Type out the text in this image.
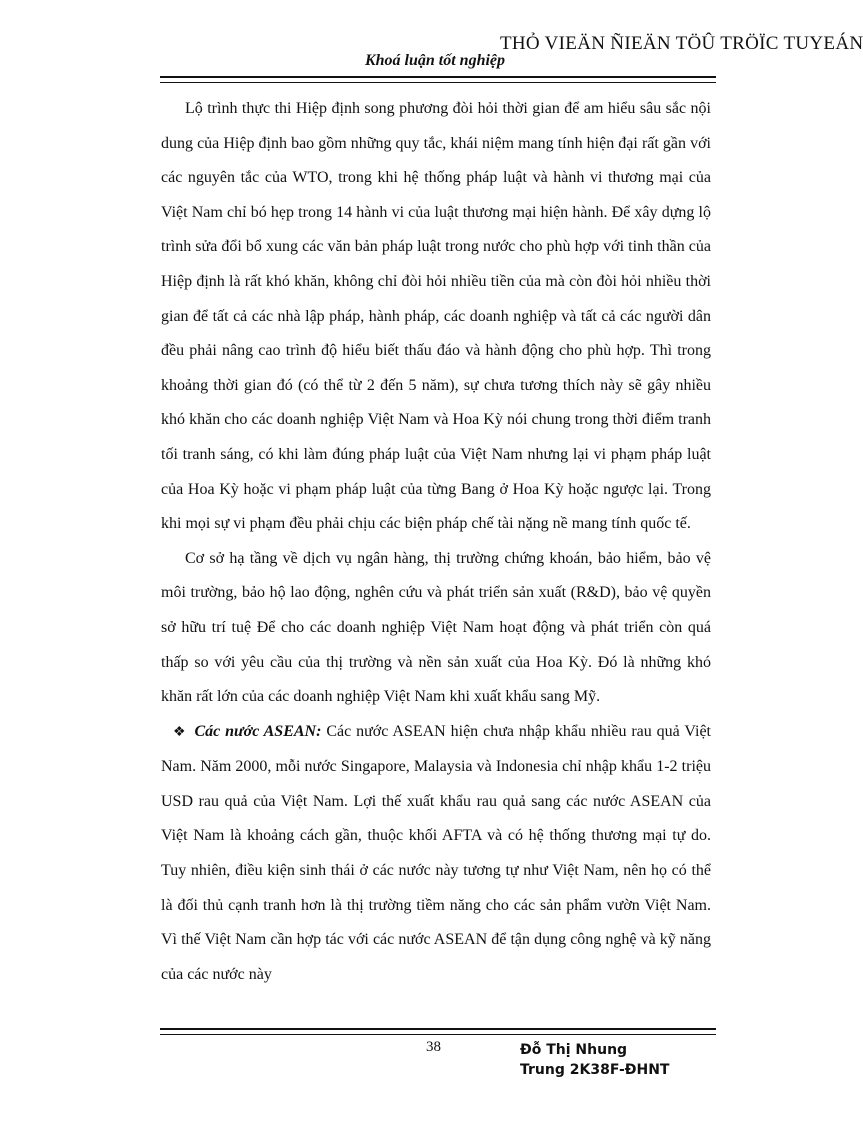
THỎ VIEÄN ÑIEÄN TÖÛ TRÖÏC TUYEÁN
Khoá luận tốt nghiệp

Lộ trình thực thi Hiệp định song phương đòi hỏi thời gian để am hiểu sâu sắc nội dung của Hiệp định bao gồm những quy tắc, khái niệm mang tính hiện đại rất gần với các nguyên tắc của WTO, trong khi hệ thống pháp luật và hành vi thương mại của Việt Nam chỉ bó hẹp trong 14 hành vi của luật thương mại hiện hành. Để xây dựng lộ trình sửa đổi bổ xung các văn bản pháp luật trong nước cho phù hợp với tinh thần của Hiệp định là rất khó khăn, không chỉ đòi hỏi nhiều tiền của mà còn đòi hỏi nhiều thời gian để tất cả các nhà lập pháp, hành pháp, các doanh nghiệp và tất cả các người dân đều phải nâng cao trình độ hiểu biết thấu đáo và hành động cho phù hợp. Thì trong khoảng thời gian đó (có thể từ 2 đến 5 năm), sự chưa tương thích này sẽ gây nhiều khó khăn cho các doanh nghiệp Việt Nam và Hoa Kỳ nói chung trong thời điểm tranh tối tranh sáng, có khi làm đúng pháp luật của Việt Nam nhưng lại vi phạm pháp luật của Hoa Kỳ hoặc vi phạm pháp luật của từng Bang ở Hoa Kỳ hoặc ngược lại. Trong khi mọi sự vi phạm đều phải chịu các biện pháp chế tài nặng nề mang tính quốc tế.

Cơ sở hạ tầng về dịch vụ ngân hàng, thị trường chứng khoán, bảo hiểm, bảo vệ môi trường, bảo hộ lao động, nghên cứu và phát triển sản xuất (R&D), bảo vệ quyền sở hữu trí tuệ Để cho các doanh nghiệp Việt Nam hoạt động và phát triển còn quá thấp so với yêu cầu của thị trường và nền sản xuất của Hoa Kỳ. Đó là những khó khăn rất lớn của các doanh nghiệp Việt Nam khi xuất khẩu sang Mỹ.

❖ Các nước ASEAN: Các nước ASEAN hiện chưa nhập khẩu nhiều rau quả Việt Nam. Năm 2000, mỗi nước Singapore, Malaysia và Indonesia chỉ nhập khẩu 1-2 triệu USD rau quả của Việt Nam. Lợi thế xuất khẩu rau quả sang các nước ASEAN của Việt Nam là khoảng cách gần, thuộc khối AFTA và có hệ thống thương mại tự do. Tuy nhiên, điều kiện sinh thái ở các nước này tương tự như Việt Nam, nên họ có thể là đối thủ cạnh tranh hơn là thị trường tiềm năng cho các sản phẩm vườn Việt Nam. Vì thế Việt Nam cần hợp tác với các nước ASEAN để tận dụng công nghệ và kỹ năng của các nước này

38	Đỗ Thị Nhung
Trung 2K38F-ĐHNT
